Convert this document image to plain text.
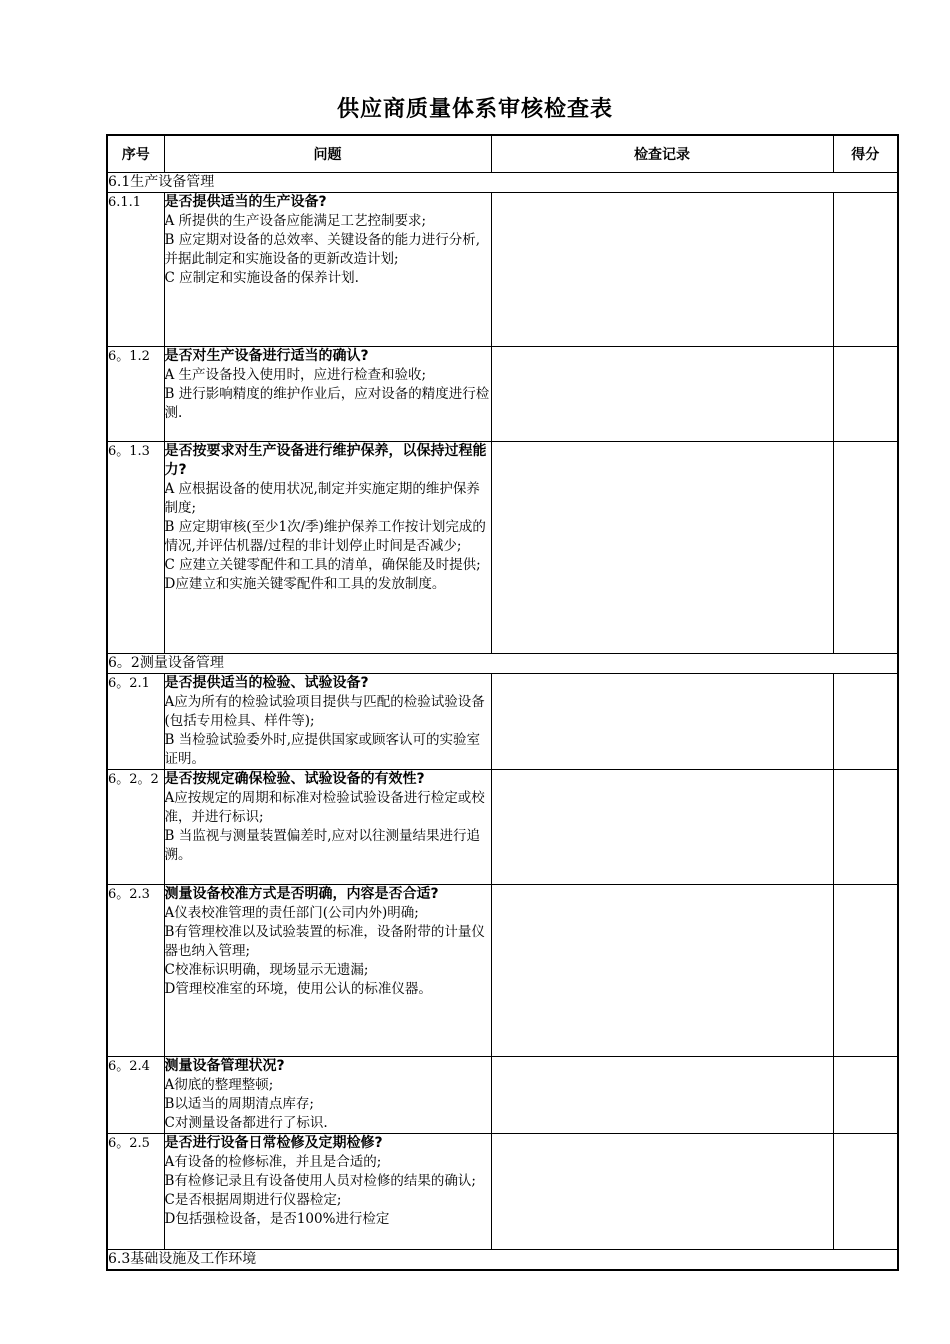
供应商质量体系审核检查表
序号	问题	检查记录	得分
6.1生产设备管理			
6.1.1	是否提供适当的生产设备?
A 所提供的生产设备应能满足工艺控制要求;
B 应定期对设备的总效率、关键设备的能力进行分析,并据此制定和实施设备的更新改造计划;
C 应制定和实施设备的保养计划.		

6。1.2	是否对生产设备进行适当的确认?
A 生产设备投入使用时，应进行检查和验收;
B 进行影响精度的维护作业后，应对设备的精度进行检测.		

6。1.3	是否按要求对生产设备进行维护保养，以保持过程能力?
A 应根据设备的使用状况,制定并实施定期的维护保养制度;
B 应定期审核(至少1次/季)维护保养工作按计划完成的情况,并评估机器/过程的非计划停止时间是否减少;
C 应建立关键零配件和工具的清单，确保能及时提供;
D应建立和实施关键零配件和工具的发放制度。		

6。2测量设备管理			
6。2.1	是否提供适当的检验、试验设备?
A应为所有的检验试验项目提供与匹配的检验试验设备(包括专用检具、样件等);
B 当检验试验委外时,应提供国家或顾客认可的实验室证明。		

6。2。2	是否按规定确保检验、试验设备的有效性?
A应按规定的周期和标准对检验试验设备进行检定或校准，并进行标识;
B 当监视与测量装置偏差时,应对以往测量结果进行追溯。		

6。2.3	测量设备校准方式是否明确，内容是否合适?
A仪表校准管理的责任部门(公司内外)明确;
B有管理校准以及试验装置的标准，设备附带的计量仪器也纳入管理;
C校准标识明确，现场显示无遗漏;
D管理校准室的环境，使用公认的标准仪器。		

6。2.4	测量设备管理状况?
A彻底的整理整顿;
B以适当的周期清点库存;
C对测量设备都进行了标识.		

6。2.5	是否进行设备日常检修及定期检修?
A有设备的检修标准，并且是合适的;
B有检修记录且有设备使用人员对检修的结果的确认;
C是否根据周期进行仪器检定;
D包括强检设备，是否100%进行检定		

6.3基础设施及工作环境			
